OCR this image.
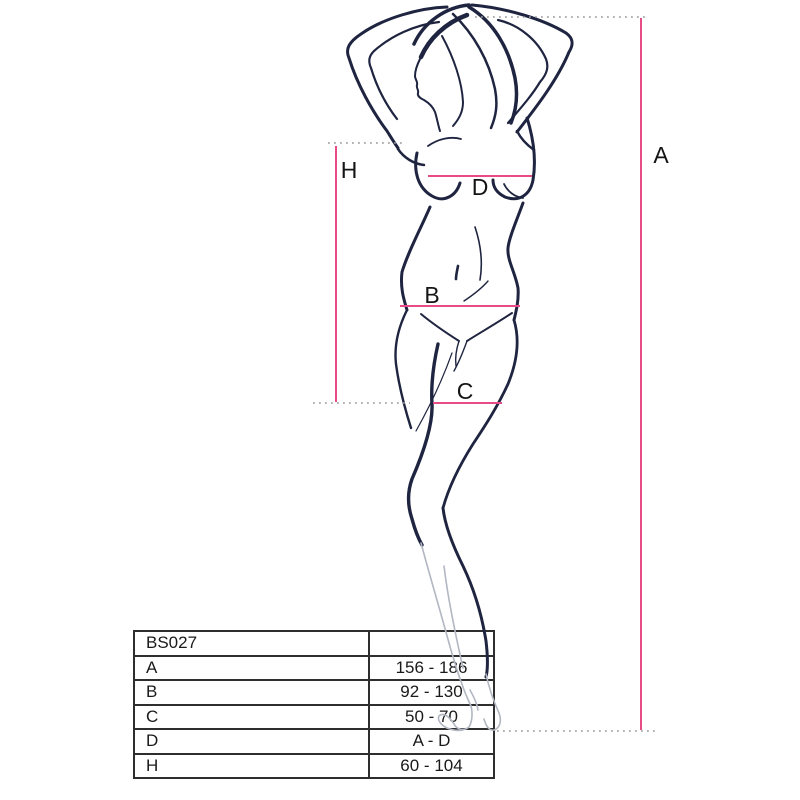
A
H
D
B
C
BS027	
A	156 - 186
B	92 - 130
C	50 - 70
D	A - D
H	60 - 104
